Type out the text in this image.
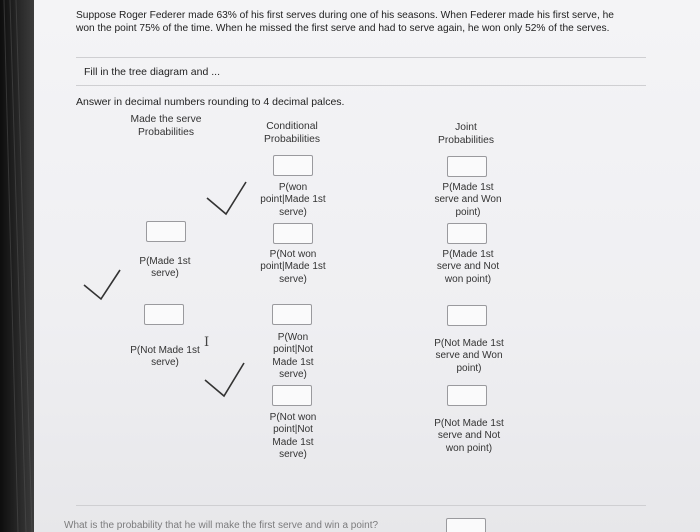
Suppose Roger Federer made 63% of his first serves during one of his seasons. When Federer made his first serve, he won the point 75% of the time. When he missed the first serve and had to serve again, he won only 52% of the serves.
Fill in the tree diagram and ...
Answer in decimal numbers rounding to 4 decimal palces.
Made the serve Probabilities	Conditional Probabilities
Joint Probabilities
P(Made 1st serve)
P(Not Made 1st serve)
I
P(won point|Made 1st serve)
P(Not won point|Made 1st serve)
P(Won point|Not Made 1st serve)
P(Not won point|Not Made 1st serve)
P(Made 1st serve and Won point)
P(Made 1st serve and Not won point)
P(Not Made 1st serve and Won point)
P(Not Made 1st serve and Not won point)
What is the probability that he will make the first serve and win a point?
